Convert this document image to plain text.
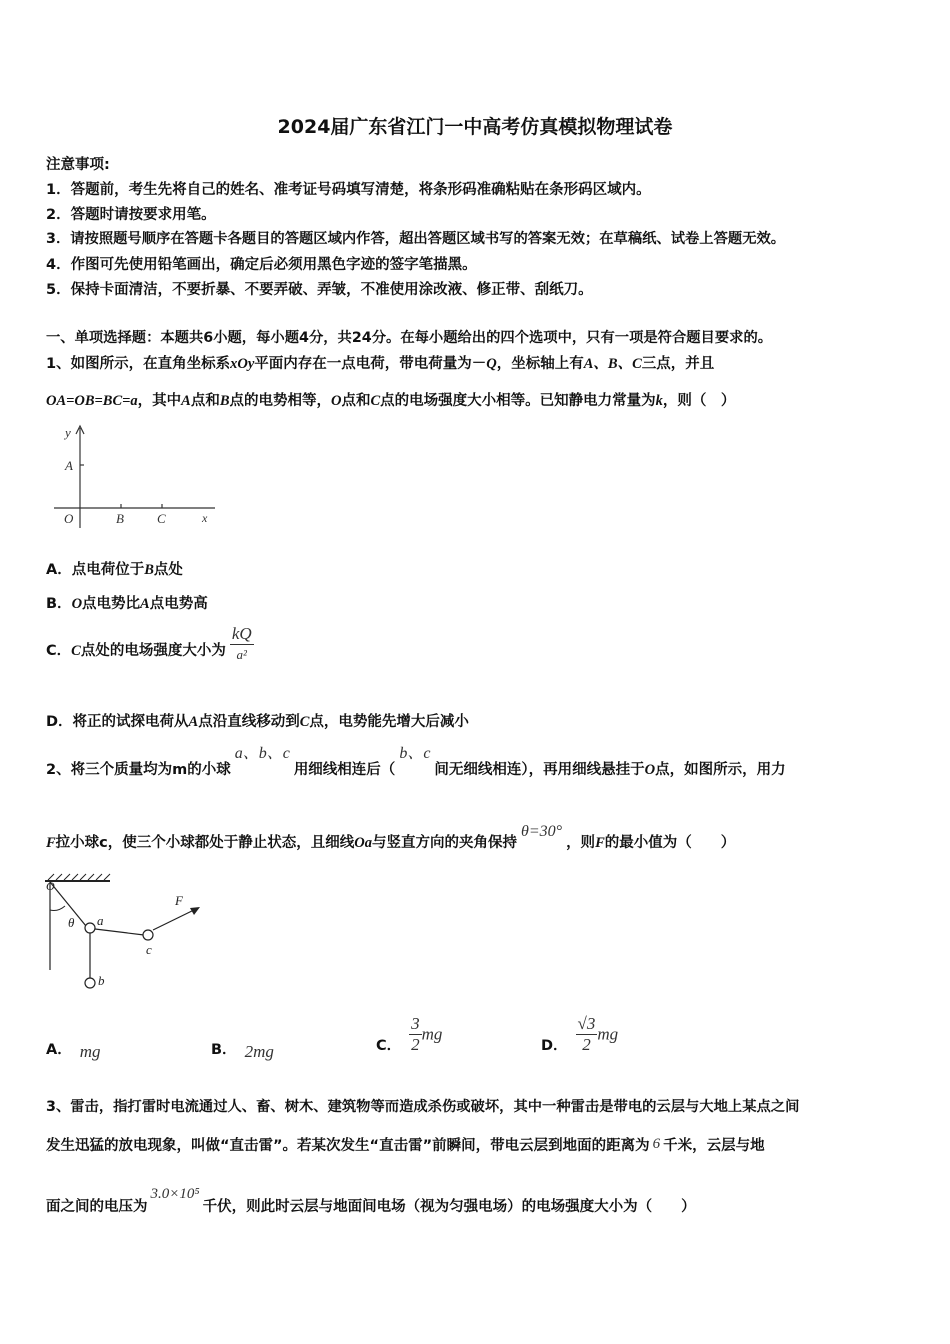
2024届广东省江门一中高考仿真模拟物理试卷
注意事项:
1．答题前，考生先将自己的姓名、准考证号码填写清楚，将条形码准确粘贴在条形码区域内。
2．答题时请按要求用笔。
3．请按照题号顺序在答题卡各题目的答题区域内作答，超出答题区域书写的答案无效；在草稿纸、试卷上答题无效。
4．作图可先使用铅笔画出，确定后必须用黑色字迹的签字笔描黑。
5．保持卡面清洁，不要折暴、不要弄破、弄皱，不准使用涂改液、修正带、刮纸刀。
一、单项选择题：本题共6小题，每小题4分，共24分。在每小题给出的四个选项中，只有一项是符合题目要求的。
1、如图所示，在直角坐标系xOy平面内存在一点电荷，带电荷量为－Q，坐标轴上有A、B、C三点，并且
OA=OB=BC=a，其中A点和B点的电势相等，O点和C点的电场强度大小相等。已知静电力常量为k，则（　）
y
A
O	B	C	x
A．点电荷位于B点处
B．O点电势比A点电势高
C．C点处的电场强度大小为 $\frac{kQ}{\text{a²}}$
D．将正的试探电荷从A点沿直线移动到C点，电势能先增大后减小
2、将三个质量均为m的小球a、b、c用细线相连后（b、c间无细线相连），再用细线悬挂于O点，如图所示，用力
F拉小球c，使三个小球都处于静止状态，且细线Oa与竖直方向的夹角保持θ=30°，则F的最小值为（　　）
O
θ a
b
c
F
A． mg	B． 2mg	C． $\frac{3}{2}$ mg
D． $\frac{√3}{2}$ mg
3、雷击，指打雷时电流通过人、畜、树木、建筑物等而造成杀伤或破坏，其中一种雷击是带电的云层与大地上某点之间
发生迅猛的放电现象，叫做“直击雷”。若某次发生“直击雷”前瞬间，带电云层到地面的距离为 6 千米，云层与地
面之间的电压为3.0×10⁵千伏，则此时云层与地面间电场（视为匀强电场）的电场强度大小为（　　）
